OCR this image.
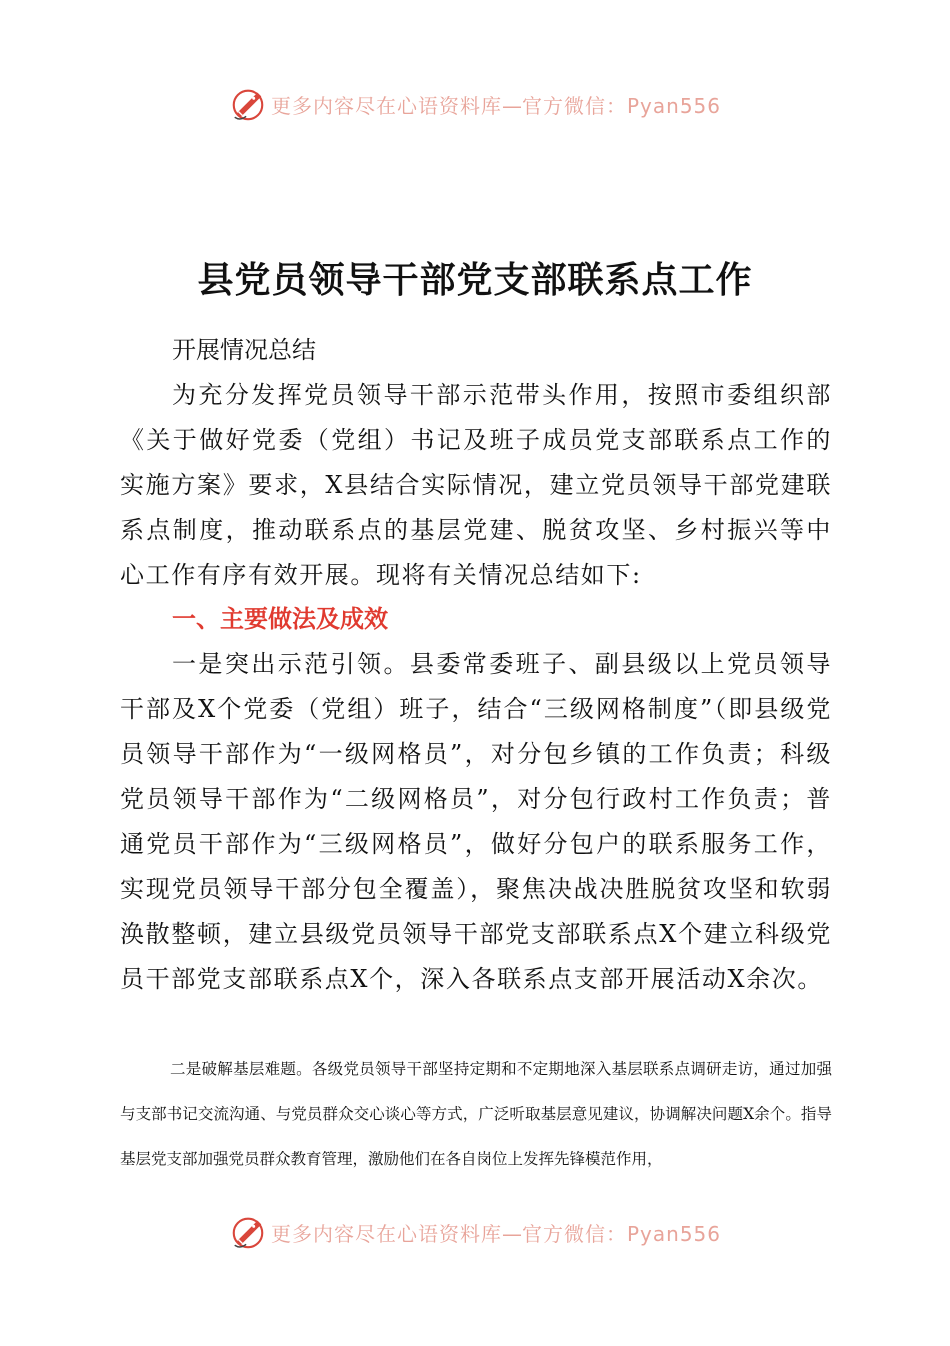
更多内容尽在心语资料库—官方微信：Pyan556
县党员领导干部党支部联系点工作
开展情况总结
为充分发挥党员领导干部示范带头作用，按照市委组织部《关于做好党委（党组）书记及班子成员党支部联系点工作的实施方案》要求，X县结合实际情况，建立党员领导干部党建联系点制度，推动联系点的基层党建、脱贫攻坚、乡村振兴等中心工作有序有效开展。现将有关情况总结如下:
一、主要做法及成效
一是突出示范引领。县委常委班子、副县级以上党员领导干部及X个党委（党组）班子，结合“三级网格制度”（即县级党员领导干部作为“一级网格员”，对分包乡镇的工作负责；科级党员领导干部作为“二级网格员”，对分包行政村工作负责；普通党员干部作为“三级网格员”，做好分包户的联系服务工作，实现党员领导干部分包全覆盖），聚焦决战决胜脱贫攻坚和软弱涣散整顿，建立县级党员领导干部党支部联系点X个建立科级党员干部党支部联系点X个，深入各联系点支部开展活动X余次。
二是破解基层难题。各级党员领导干部坚持定期和不定期地深入基层联系点调研走访，通过加强与支部书记交流沟通、与党员群众交心谈心等方式，广泛听取基层意见建议，协调解决问题X余个。指导基层党支部加强党员群众教育管理，激励他们在各自岗位上发挥先锋模范作用，
更多内容尽在心语资料库—官方微信：Pyan556
